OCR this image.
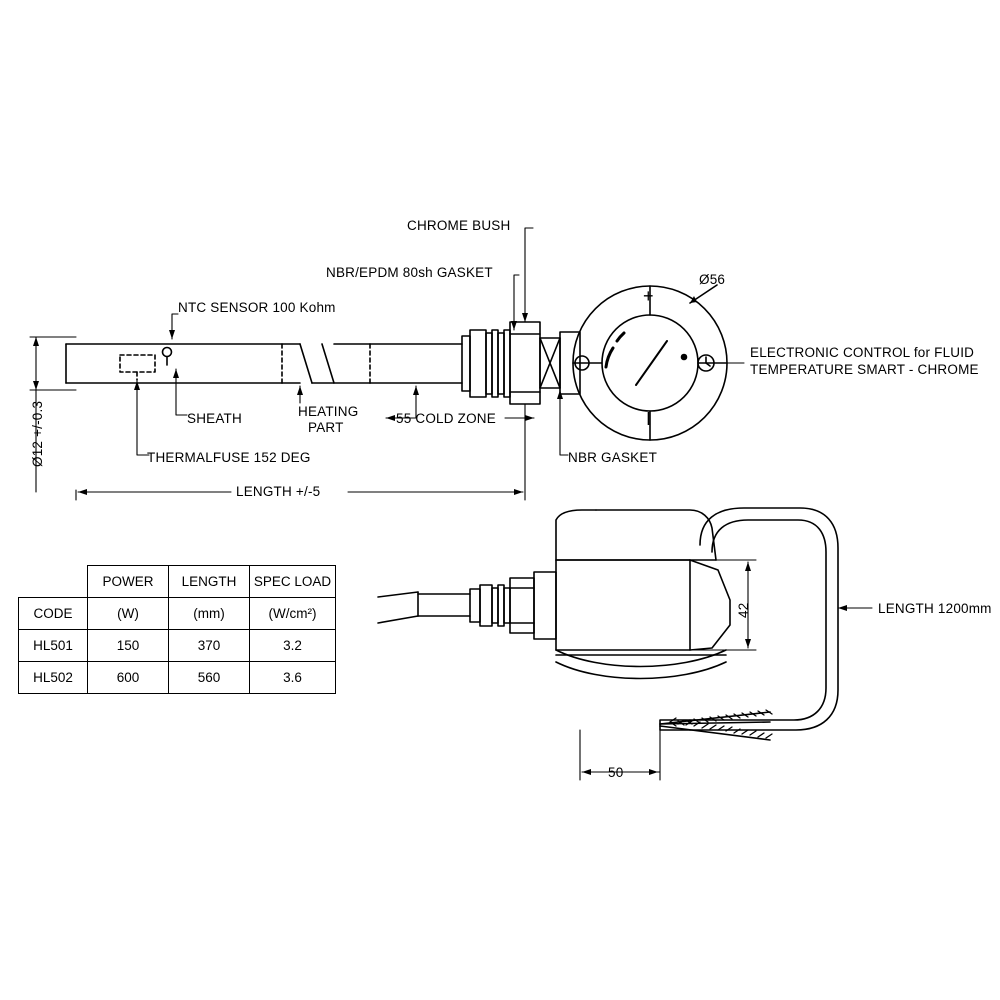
CHROME BUSH
NBR/EPDM 80sh GASKET
NTC SENSOR 100 Kohm
SHEATH	HEATING
PART
55 COLD ZONE
THERMALFUSE 152 DEG	NBR GASKET
Ø56
LENGTH +/-5
Ø12 +/-0.3
ELECTRONIC CONTROL for FLUID
TEMPERATURE SMART - CHROME
+
I
LENGTH 1200mm
42
50
	POWER	LENGTH	SPEC LOAD
CODE	(W)	(mm)	(W/cm²)
HL501	150	370	3.2
HL502	600	560	3.6
